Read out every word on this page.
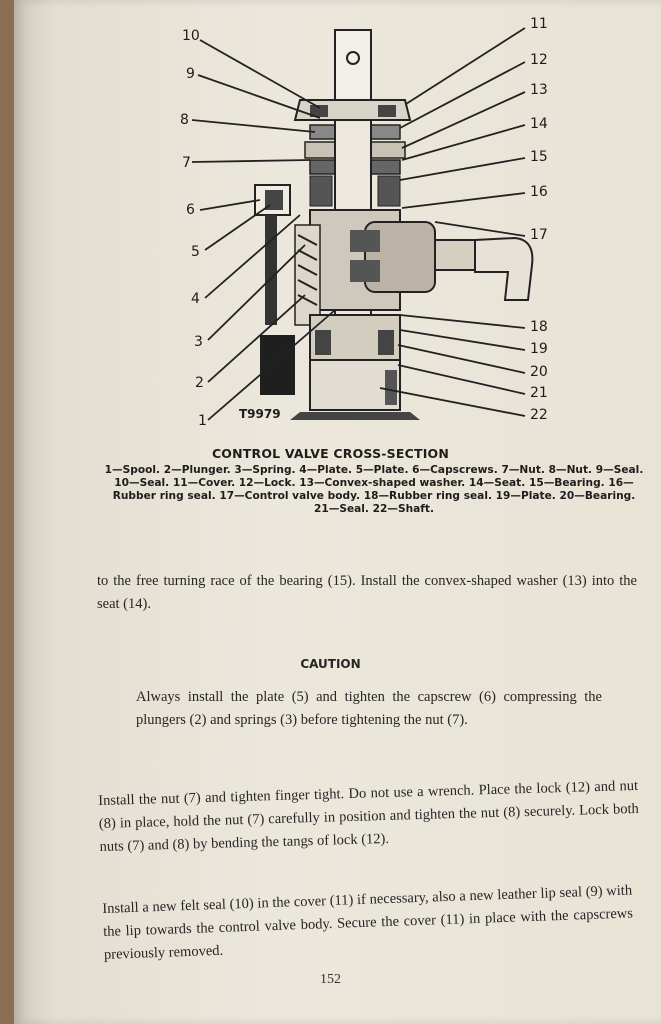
10
9
8
7
6
5
4
3
2
1
11
12
13
14
15
16
17
18
19
20
21
22
T9979
CONTROL VALVE CROSS-SECTION
1—Spool. 2—Plunger. 3—Spring. 4—Plate. 5—Plate. 6—Capscrews. 7—Nut. 8—Nut. 9—Seal. 10—Seal. 11—Cover. 12—Lock. 13—Convex-shaped washer. 14—Seat. 15—Bearing. 16—Rubber ring seal. 17—Control valve body. 18—Rubber ring seal. 19—Plate. 20—Bearing. 21—Seal. 22—Shaft.
to the free turning race of the bearing (15). Install the convex-shaped washer (13) into the seat (14).
CAUTION
Always install the plate (5) and tighten the capscrew (6) compressing the plungers (2) and springs (3) before tightening the nut (7).
Install the nut (7) and tighten finger tight. Do not use a wrench. Place the lock (12) and nut (8) in place, hold the nut (7) carefully in position and tighten the nut (8) securely. Lock both nuts (7) and (8) by bending the tangs of lock (12).
Install a new felt seal (10) in the cover (11) if necessary, also a new leather lip seal (9) with the lip towards the control valve body. Secure the cover (11) in place with the capscrews previously removed.
152
